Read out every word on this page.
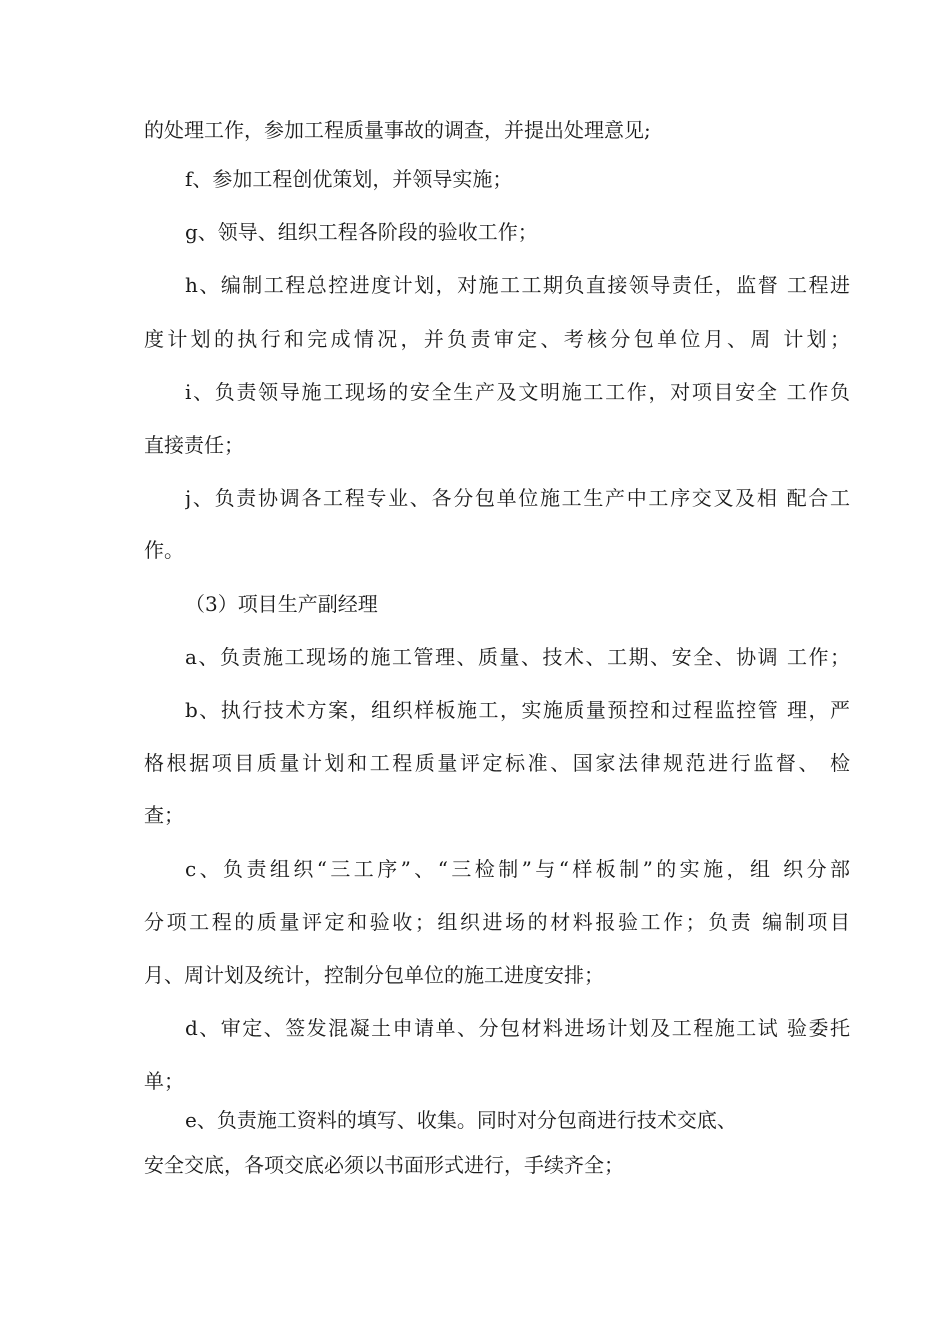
的处理工作，参加工程质量事故的调查，并提出处理意见;
f、参加工程创优策划，并领导实施；
g、领导、组织工程各阶段的验收工作；
h、编制工程总控进度计划，对施工工期负直接领导责任，监督 工程进
度计划的执行和完成情况，并负责审定、考核分包单位月、周 计划；
i、负责领导施工现场的安全生产及文明施工工作，对项目安全 工作负
直接责任；
j、负责协调各工程专业、各分包单位施工生产中工序交叉及相 配合工
作。
（3）项目生产副经理
a、负责施工现场的施工管理、质量、技术、工期、安全、协调 工作；
b、执行技术方案，组织样板施工，实施质量预控和过程监控管 理，严
格根据项目质量计划和工程质量评定标准、国家法律规范进行监督、 检
查；
c、负责组织“三工序”、“三检制”与“样板制”的实施，组 织分部
分项工程的质量评定和验收；组织进场的材料报验工作；负责 编制项目
月、周计划及统计，控制分包单位的施工进度安排；
d、审定、签发混凝土申请单、分包材料进场计划及工程施工试 验委托
单；
e、负责施工资料的填写、收集。同时对分包商进行技术交底、
安全交底，各项交底必须以书面形式进行，手续齐全；
